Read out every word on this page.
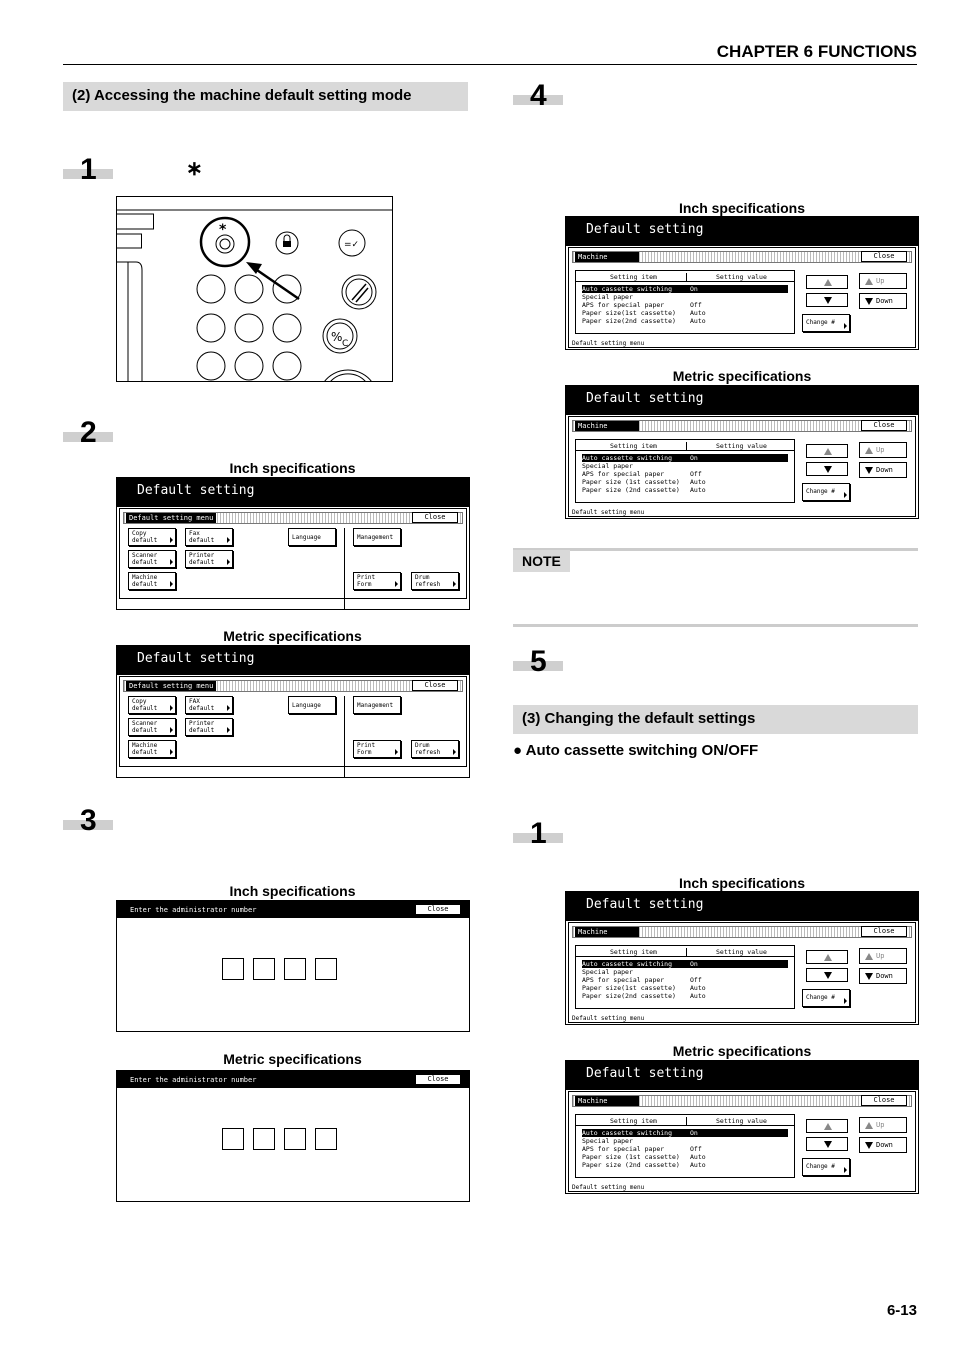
CHAPTER 6 FUNCTIONS
(2) Accessing the machine default setting mode
1	∗
*
=✓
% C
2
Inch specifications
Default setting
Default setting menu	Close
Copy
default
Fax
default
Scanner
default
Printer
default
Machine
default
Language	Management
Print
Form
Drum
refresh
Metric specifications
Default setting
Default setting menu	Close
Copy
default
FAX
default
Scanner
default
Printer
default
Machine
default
Language	Management
Print
Form
Drum
refresh
3
Inch specifications
Enter the administrator number	Close
Metric specifications
Enter the administrator number	Close
4
Inch specifications
Default setting
Machine default
Close
Setting item	Setting value
Auto cassette switching	On
Special paper
APS for special paper	Off
Paper size(1st cassette) Auto
Paper size(2nd cassette) Auto
Up
Down
Change #
Default setting menu
Metric specifications
Default setting
Machine default
Close
Setting item	Setting value
Auto cassette switching	On
Special paper
APS for special paper	Off
Paper size (1st cassette) Auto
Paper size (2nd cassette) Auto
Up
Down
Change #
Default setting menu
NOTE
5
(3) Changing the default settings
● Auto cassette switching ON/OFF
1
Inch specifications
Default setting
Machine default
Close
Setting item	Setting value
Auto cassette switching	On
Special paper
APS for special paper	Off
Paper size(1st cassette) Auto
Paper size(2nd cassette) Auto
Up
Down
Change #
Default setting menu
Metric specifications
Default setting
Machine default
Close
Setting item	Setting value
Auto cassette switching	On
Special paper
APS for special paper	Off
Paper size (1st cassette) Auto
Paper size (2nd cassette) Auto
Up
Down
Change #
Default setting menu
6-13
